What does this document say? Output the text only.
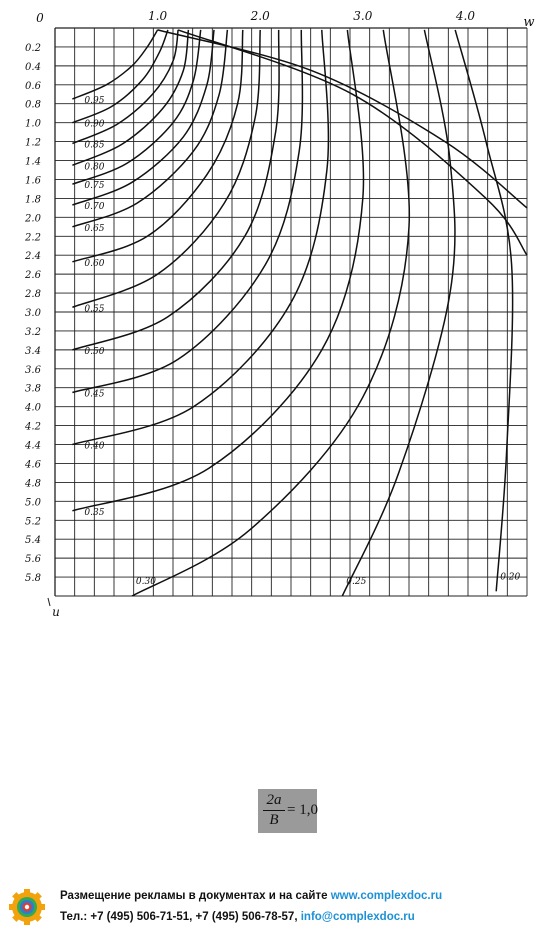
1.0	2.0	3.0	4.0	w
0
0.2
0.4
0.6
0.8
1.0
1.2
1.4
1.6
1.8
2.0
2.2
2.4
2.6
2.8
3.0
3.2
3.4
3.6
3.8
4.0
4.2
4.4
4.6
4.8
5.0
5.2
5.4
5.6
5.8
u
0.95
0.90
0.85
0.80
0.75
0.70
0.65
0.60
0.55
0.50
0.45
0.40
0.35
0.30	0.25	0.20
$\frac{2a}{B} = 1,0$
Размещение рекламы в документах и на сайте www.complexdoc.ru
Тел.: +7 (495) 506-71-51, +7 (495) 506-78-57, info@complexdoc.ru
